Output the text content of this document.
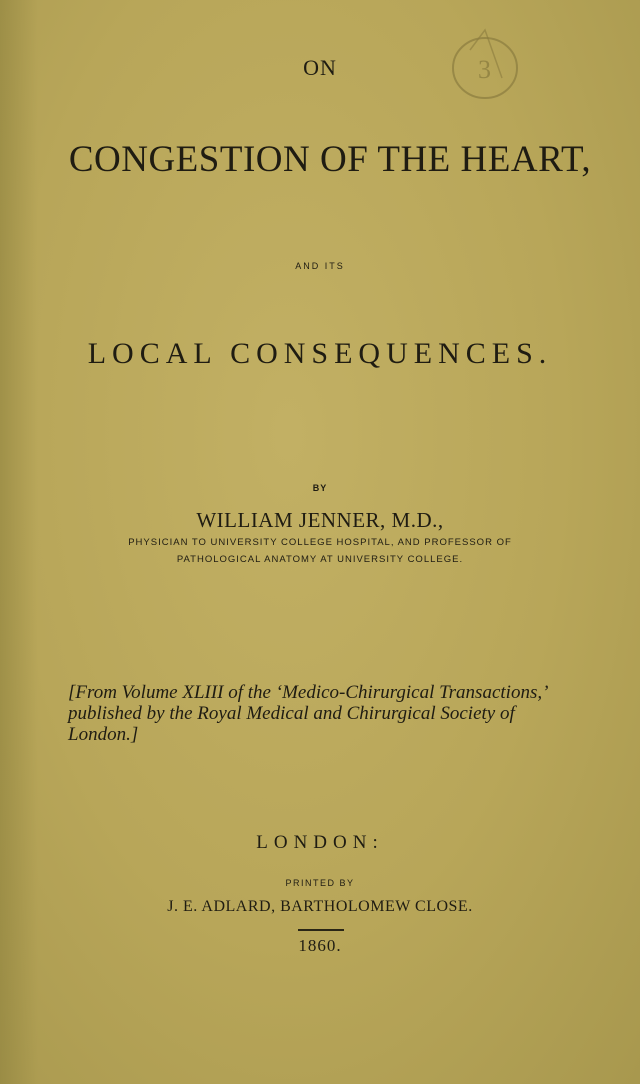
ON	3
CONGESTION OF THE HEART,
AND ITS
LOCAL CONSEQUENCES.
BY
WILLIAM JENNER, M.D.,
PHYSICIAN TO UNIVERSITY COLLEGE HOSPITAL, AND PROFESSOR OF
PATHOLOGICAL ANATOMY AT UNIVERSITY COLLEGE.
[From Volume XLIII of the ‘Medico-Chirurgical Transactions,’
published by the Royal Medical and Chirurgical Society of
London.]
LONDON:
PRINTED BY
J. E. ADLARD, BARTHOLOMEW CLOSE.
1860.
